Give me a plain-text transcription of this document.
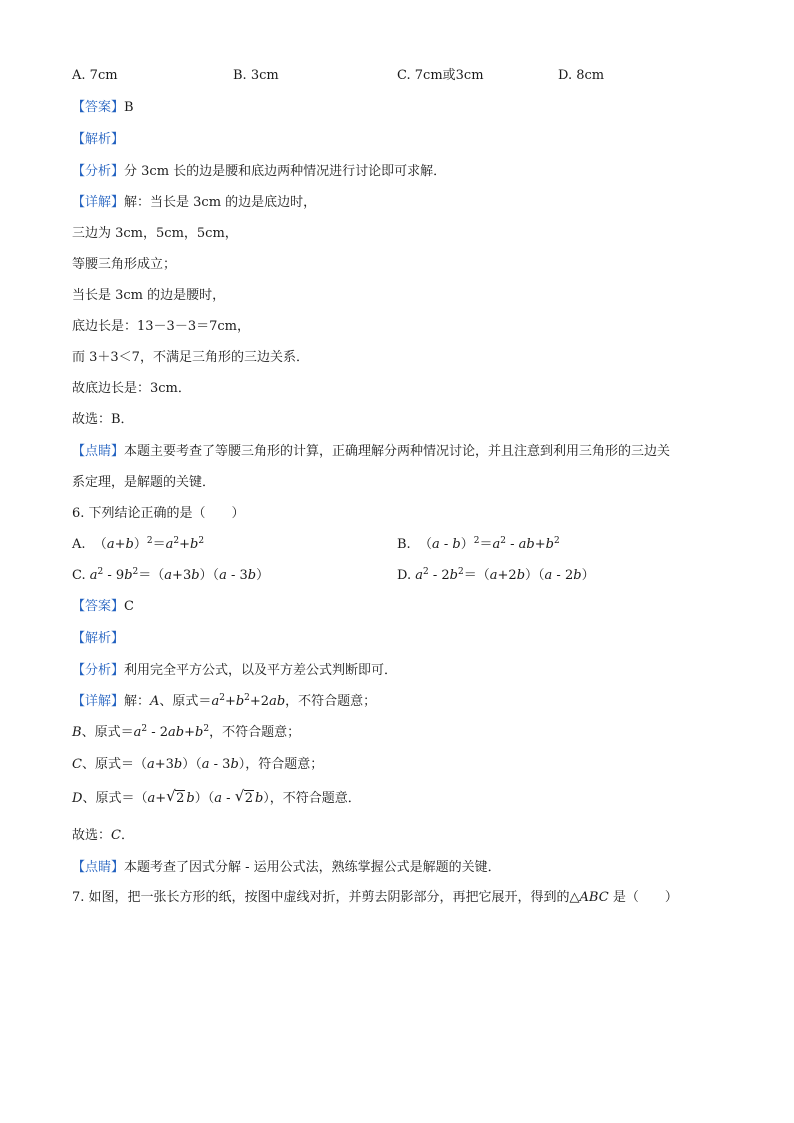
A. 7cm	B. 3cm	C. 7cm或3cm	D. 8cm
【答案】B
【解析】
【分析】分 3cm 长的边是腰和底边两种情况进行讨论即可求解．
【详解】解：当长是 3cm 的边是底边时，
三边为 3cm，5cm，5cm，
等腰三角形成立；
当长是 3cm 的边是腰时，
底边长是：13－3－3＝7cm，
而 3＋3＜7，不满足三角形的三边关系．
故底边长是：3cm．
故选：B．
【点睛】本题主要考查了等腰三角形的计算，正确理解分两种情况讨论，并且注意到利用三角形的三边关
系定理，是解题的关键．
6. 下列结论正确的是（　　）
A. $(a+b)^2=a^2+b^2$	B. $(a - b)^2=a^2 - ab+b^2$
C. $a^2 - 9b^2=(a+3b)(a - 3b)$	D. $a^2 - 2b^2=(a+2b)(a - 2b)$
【答案】C
【解析】
【分析】利用完全平方公式，以及平方差公式判断即可．
【详解】解：A、原式$=a^2+b^2+2ab$，不符合题意；
B、原式$=a^2 - 2ab+b^2$，不符合题意；
C、原式＝（a+3b）（a - 3b），符合题意；
D、原式＝（a+√ 2 b）（a - √ 2 b），不符合题意．
故选：C．
【点睛】本题考查了因式分解 - 运用公式法，熟练掌握公式是解题的关键．
7. 如图，把一张长方形的纸，按图中虚线对折，并剪去阴影部分，再把它展开，得到的△ABC 是（　　）
